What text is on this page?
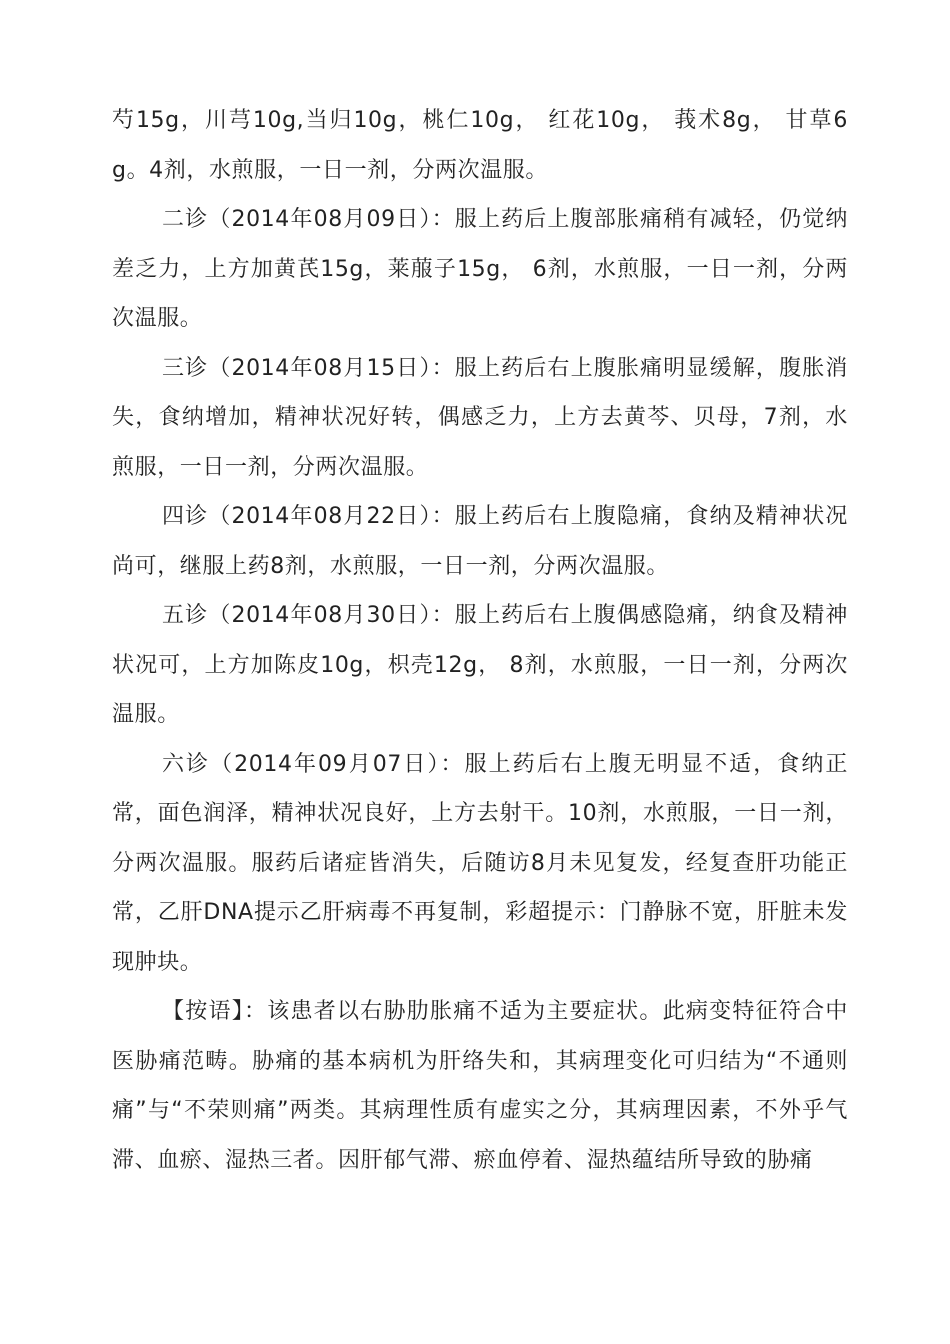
芍15g，川芎10g,当归10g，桃仁10g， 红花10g， 莪术8g， 甘草6g。4剂，水煎服，一日一剂，分两次温服。

二诊（2014年08月09日）：服上药后上腹部胀痛稍有减轻，仍觉纳差乏力，上方加黄芪15g，莱菔子15g， 6剂，水煎服，一日一剂，分两次温服。

三诊（2014年08月15日）：服上药后右上腹胀痛明显缓解，腹胀消失，食纳增加，精神状况好转，偶感乏力，上方去黄芩、贝母，7剂，水煎服，一日一剂，分两次温服。

四诊（2014年08月22日）：服上药后右上腹隐痛，食纳及精神状况尚可，继服上药8剂，水煎服，一日一剂，分两次温服。

五诊（2014年08月30日）：服上药后右上腹偶感隐痛，纳食及精神状况可，上方加陈皮10g，枳壳12g， 8剂，水煎服，一日一剂，分两次温服。

六诊（2014年09月07日）：服上药后右上腹无明显不适，食纳正常，面色润泽，精神状况良好，上方去射干。10剂，水煎服，一日一剂，分两次温服。服药后诸症皆消失，后随访8月未见复发，经复查肝功能正常，乙肝DNA提示乙肝病毒不再复制，彩超提示：门静脉不宽，肝脏未发现肿块。

【按语】：该患者以右胁肋胀痛不适为主要症状。此病变特征符合中医胁痛范畴。胁痛的基本病机为肝络失和，其病理变化可归结为“不通则痛”与“不荣则痛”两类。其病理性质有虚实之分，其病理因素，不外乎气滞、血瘀、湿热三者。因肝郁气滞、瘀血停着、湿热蕴结所导致的胁痛
